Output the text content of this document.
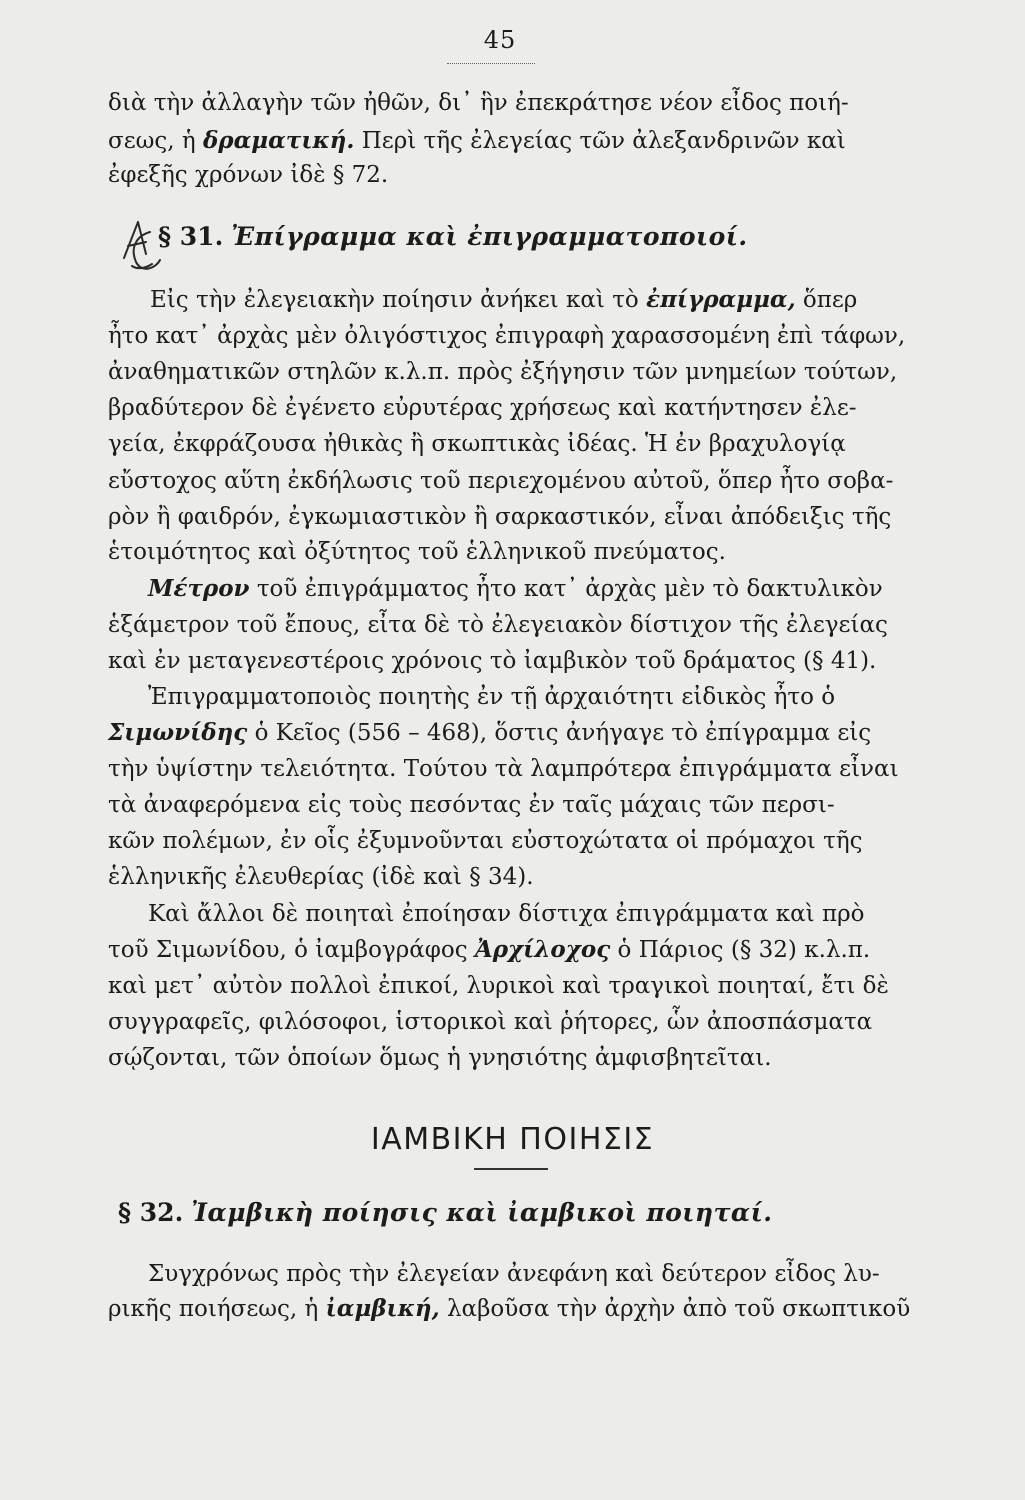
45
διὰ τὴν ἀλλαγὴν τῶν ἠθῶν, δι᾽ ἣν ἐπεκράτησε νέον εἶδος ποιή-
σεως, ἡ δραματική. Περὶ τῆς ἐλεγείας τῶν ἀλεξανδρινῶν καὶ
ἐφεξῆς χρόνων ἰδὲ § 72.
§ 31. Ἐπίγραμμα καὶ ἐπιγραμματοποιοί.
Εἰς τὴν ἐλεγειακὴν ποίησιν ἀνήκει καὶ τὸ ἐπίγραμμα, ὅπερ
ἦτο κατ᾽ ἀρχὰς μὲν ὀλιγόστιχος ἐπιγραφὴ χαρασσομένη ἐπὶ τάφων,
ἀναθηματικῶν στηλῶν κ.λ.π. πρὸς ἐξήγησιν τῶν μνημείων τούτων,
βραδύτερον δὲ ἐγένετο εὐρυτέρας χρήσεως καὶ κατήντησεν ἐλε-
γεία, ἐκφράζουσα ἠθικὰς ἢ σκωπτικὰς ἰδέας. Ἡ ἐν βραχυλογίᾳ
εὔστοχος αὕτη ἐκδήλωσις τοῦ περιεχομένου αὐτοῦ, ὅπερ ἦτο σοβα-
ρὸν ἢ φαιδρόν, ἐγκωμιαστικὸν ἢ σαρκαστικόν, εἶναι ἀπόδειξις τῆς
ἑτοιμότητος καὶ ὀξύτητος τοῦ ἑλληνικοῦ πνεύματος.
Μέτρον τοῦ ἐπιγράμματος ἦτο κατ᾽ ἀρχὰς μὲν τὸ δακτυλικὸν
ἑξάμετρον τοῦ ἔπους, εἶτα δὲ τὸ ἐλεγειακὸν δίστιχον τῆς ἐλεγείας
καὶ ἐν μεταγενεστέροις χρόνοις τὸ ἰαμβικὸν τοῦ δράματος (§ 41).
Ἐπιγραμματοποιὸς ποιητὴς ἐν τῇ ἀρχαιότητι εἰδικὸς ἦτο ὁ
Σιμωνίδης ὁ Κεῖος (556 – 468), ὅστις ἀνήγαγε τὸ ἐπίγραμμα εἰς
τὴν ὑψίστην τελειότητα. Τούτου τὰ λαμπρότερα ἐπιγράμματα εἶναι
τὰ ἀναφερόμενα εἰς τοὺς πεσόντας ἐν ταῖς μάχαις τῶν περσι-
κῶν πολέμων, ἐν οἷς ἐξυμνοῦνται εὐστοχώτατα οἱ πρόμαχοι τῆς
ἑλληνικῆς ἐλευθερίας (ἰδὲ καὶ § 34).
Καὶ ἄλλοι δὲ ποιηταὶ ἐποίησαν δίστιχα ἐπιγράμματα καὶ πρὸ
τοῦ Σιμωνίδου, ὁ ἰαμβογράφος Ἀρχίλοχος ὁ Πάριος (§ 32) κ.λ.π.
καὶ μετ᾽ αὐτὸν πολλοὶ ἐπικοί, λυρικοὶ καὶ τραγικοὶ ποιηταί, ἔτι δὲ
συγγραφεῖς, φιλόσοφοι, ἱστορικοὶ καὶ ῥήτορες, ὧν ἀποσπάσματα
σῴζονται, τῶν ὁποίων ὅμως ἡ γνησιότης ἀμφισβητεῖται.
ΙΑΜΒΙΚΗ ΠΟΙΗΣΙΣ
§ 32. Ἰαμβικὴ ποίησις καὶ ἰαμβικοὶ ποιηταί.
Συγχρόνως πρὸς τὴν ἐλεγείαν ἀνεφάνη καὶ δεύτερον εἶδος λυ-
ρικῆς ποιήσεως, ἡ ἰαμβική, λαβοῦσα τὴν ἀρχὴν ἀπὸ τοῦ σκωπτικοῦ
